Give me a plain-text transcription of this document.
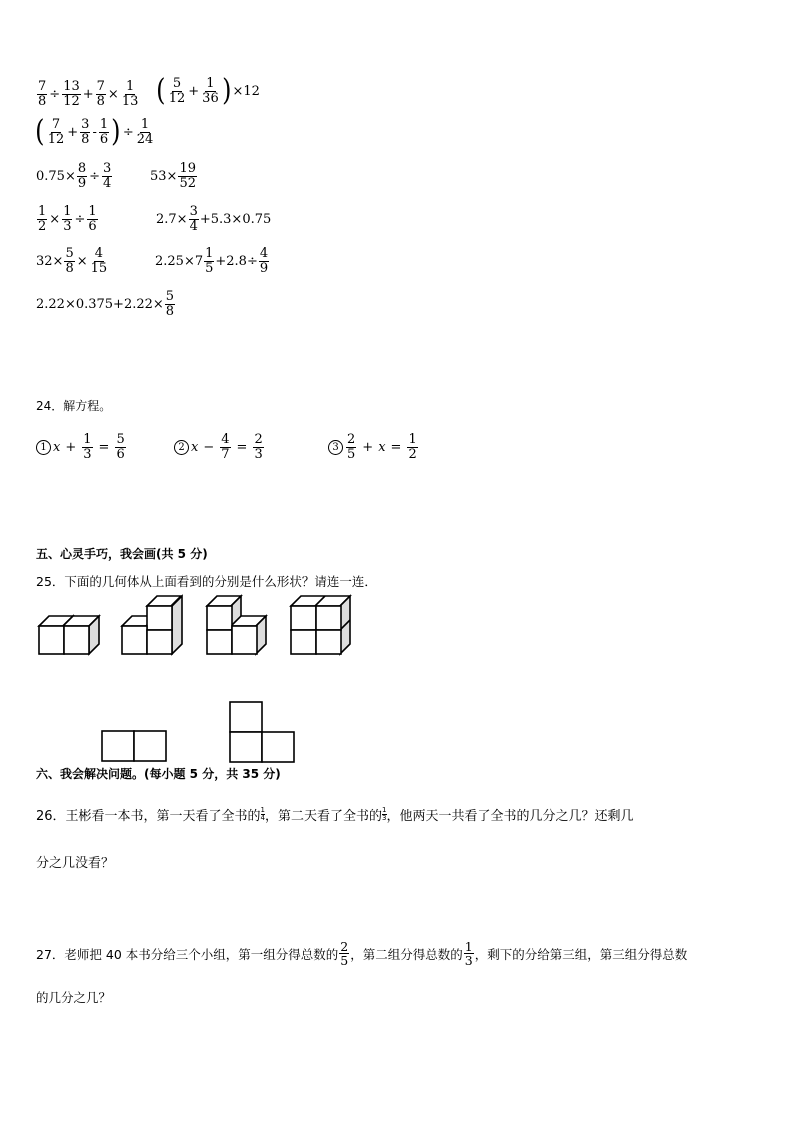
$\frac{7}{8} \div \frac{13}{12} + \frac{7}{8} \times \frac{1}{13}$ ( $\frac{5}{12} + \frac{1}{36}$ ) ×12
( $\frac{7}{12} + \frac{3}{8} - \frac{1}{6}$ ) ÷ $\frac{1}{24}$
$0.75\times \frac{8}{9} \div \frac{3}{4}$	$53\times \frac{19}{52}$
$\frac{1}{2} \times \frac{1}{3} \div \frac{1}{6}$	$2.7\times \frac{3}{4} +5.3\times 0.75$
$32\times \frac{5}{8} \times \frac{4}{15}$	$2.25\times 7 \frac{1}{5} +2.8\div \frac{4}{9}$
$2.22\times 0.375+2.22\times \frac{5}{8}$
24．解方程。
1 $x + \frac{1}{3} = \frac{5}{6}$	2 $x - \frac{4}{7} = \frac{2}{3}$	$3 \frac{2}{5} + x = \frac{1}{2}$
五、心灵手巧，我会画(共 5 分)
25．下面的几何体从上面看到的分别是什么形状？请连一连．
六、我会解决问题。(每小题 5 分，共 35 分)
26．王彬看一本书，第一天看了全书的 1
4 ，第二天看了全书的 1
3 ，他两天一共看了全书的几分之几？还剩几
分之几没看？
27．老师把 40 本书分给三个小组，第一组分得总数的 $\frac{2}{5}$ ，第二组分得总数的 $\frac{1}{3}$ ，剩下的分给第三组，第三组分得总数
的几分之几？
